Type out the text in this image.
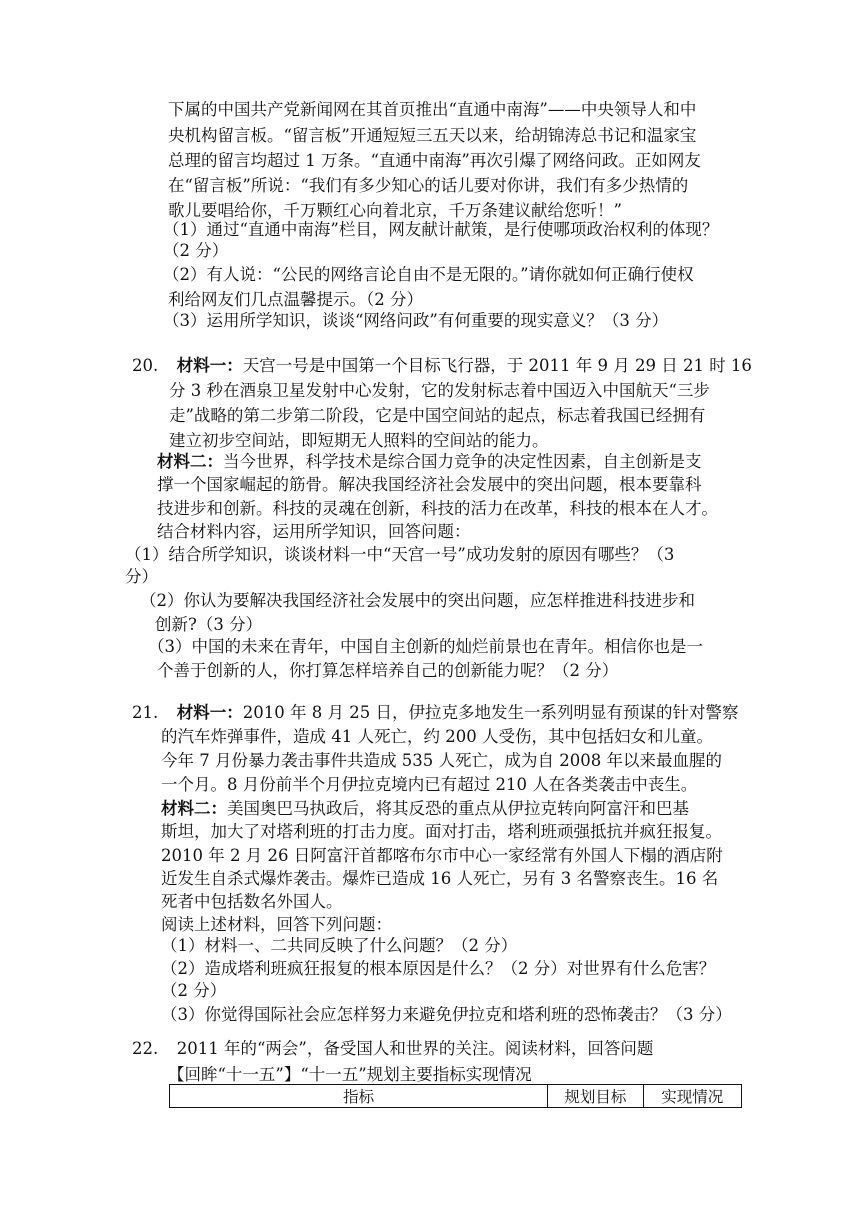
下属的中国共产党新闻网在其首页推出“直通中南海”——中央领导人和中
央机构留言板。“留言板”开通短短三五天以来，给胡锦涛总书记和温家宝
总理的留言均超过 1 万条。“直通中南海”再次引爆了网络问政。正如网友
在“留言板”所说：“我们有多少知心的话儿要对你讲，我们有多少热情的
歌儿要唱给你，千万颗红心向着北京，千万条建议献给您听！”
（1）通过“直通中南海”栏目，网友献计献策，是行使哪项政治权利的体现？
（2 分）
（2）有人说：“公民的网络言论自由不是无限的。”请你就如何正确行使权
利给网友们几点温馨提示。（2 分）
（3）运用所学知识，谈谈“网络问政”有何重要的现实意义？（3 分）
20. 材料一：天宫一号是中国第一个目标飞行器，于 2011 年 9 月 29 日 21 时 16
分 3 秒在酒泉卫星发射中心发射，它的发射标志着中国迈入中国航天“三步
走”战略的第二步第二阶段，它是中国空间站的起点，标志着我国已经拥有
建立初步空间站，即短期无人照料的空间站的能力。
材料二：当今世界，科学技术是综合国力竞争的决定性因素，自主创新是支
撑一个国家崛起的筋骨。解决我国经济社会发展中的突出问题，根本要靠科
技进步和创新。科技的灵魂在创新，科技的活力在改革，科技的根本在人才。
结合材料内容，运用所学知识，回答问题：
（1）结合所学知识，谈谈材料一中“天宫一号”成功发射的原因有哪些？（3
分）
（2）你认为要解决我国经济社会发展中的突出问题，应怎样推进科技进步和
创新?（3 分）
（3）中国的未来在青年，中国自主创新的灿烂前景也在青年。相信你也是一
个善于创新的人，你打算怎样培养自己的创新能力呢？（2 分）
21. 材料一：2010 年 8 月 25 日，伊拉克多地发生一系列明显有预谋的针对警察
的汽车炸弹事件，造成 41 人死亡，约 200 人受伤，其中包括妇女和儿童。
今年 7 月份暴力袭击事件共造成 535 人死亡，成为自 2008 年以来最血腥的
一个月。8 月份前半个月伊拉克境内已有超过 210 人在各类袭击中丧生。
材料二：美国奥巴马执政后，将其反恐的重点从伊拉克转向阿富汗和巴基
斯坦，加大了对塔利班的打击力度。面对打击，塔利班顽强抵抗并疯狂报复。
2010 年 2 月 26 日阿富汗首都喀布尔市中心一家经常有外国人下榻的酒店附
近发生自杀式爆炸袭击。爆炸已造成 16 人死亡，另有 3 名警察丧生。16 名
死者中包括数名外国人。
阅读上述材料，回答下列问题：
（1）材料一、二共同反映了什么问题？（2 分）
（2）造成塔利班疯狂报复的根本原因是什么？（2 分）对世界有什么危害？
（2 分）
（3）你觉得国际社会应怎样努力来避免伊拉克和塔利班的恐怖袭击？（3 分）
22. 2011 年的“两会”，备受国人和世界的关注。阅读材料，回答问题
【回眸“十一五”】“十一五”规划主要指标实现情况
指标	规划目标	实现情况
